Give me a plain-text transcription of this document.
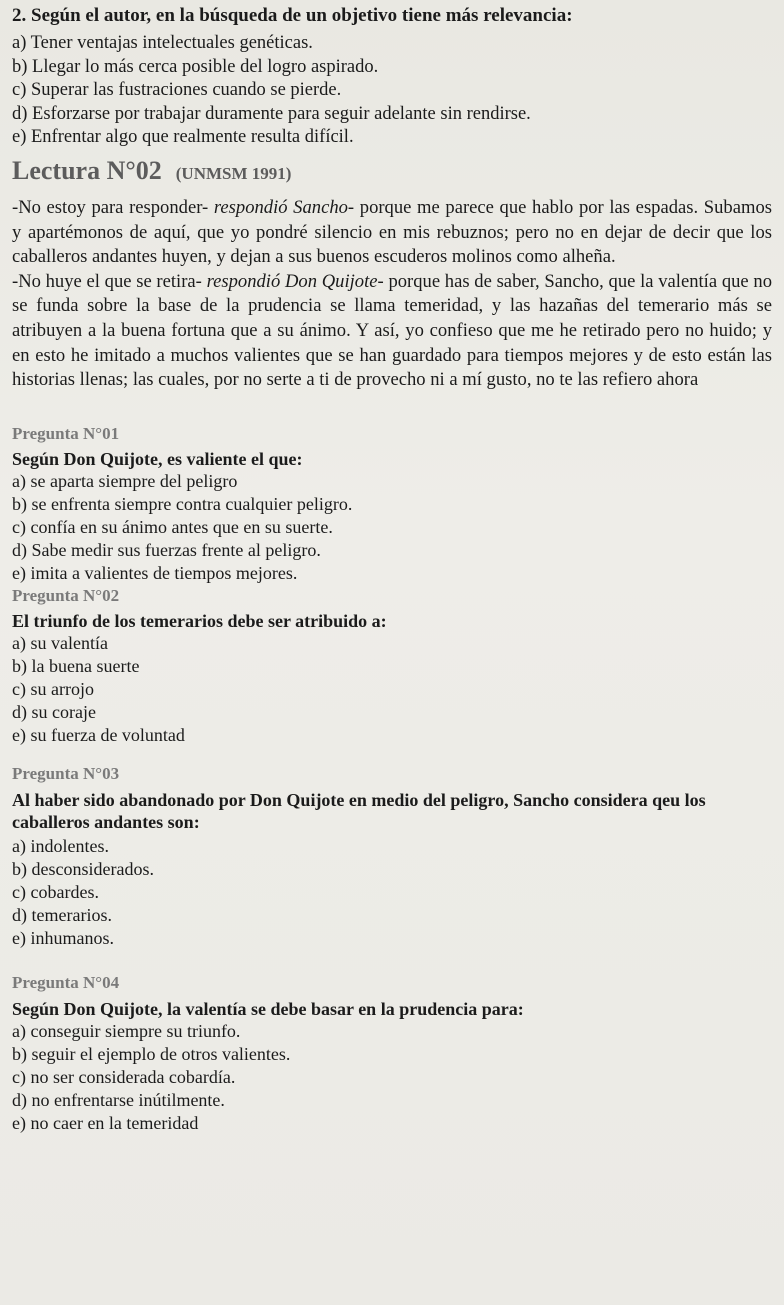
2. Según el autor, en la búsqueda de un objetivo tiene más relevancia:

a) Tener ventajas intelectuales genéticas.

b) Llegar lo más cerca posible del logro aspirado.

c) Superar las fustraciones cuando se pierde.

d) Esforzarse por trabajar duramente para seguir adelante sin rendirse.

e) Enfrentar algo que realmente resulta difícil.

Lectura N°02 (UNMSM 1991)

-No estoy para responder- respondió Sancho- porque me parece que hablo por las espadas. Subamos y apartémonos de aquí, que yo pondré silencio en mis rebuznos; pero no en dejar de decir que los caballeros andantes huyen, y dejan a sus buenos escuderos molinos como alheña.

-No huye el que se retira- respondió Don Quijote- porque has de saber, Sancho, que la valentía que no se funda sobre la base de la prudencia se llama temeridad, y las hazañas del temerario más se atribuyen a la buena fortuna que a su ánimo. Y así, yo confieso que me he retirado pero no huido; y en esto he imitado a muchos valientes que se han guardado para tiempos mejores y de esto están las historias llenas; las cuales, por no serte a ti de provecho ni a mí gusto, no te las refiero ahora

Pregunta N°01

Según Don Quijote, es valiente el que:

a) se aparta siempre del peligro

b) se enfrenta siempre contra cualquier peligro.

c) confía en su ánimo antes que en su suerte.

d) Sabe medir sus fuerzas frente al peligro.

e) imita a valientes de tiempos mejores.

Pregunta N°02

El triunfo de los temerarios debe ser atribuido a:

a) su valentía

b) la buena suerte

c) su arrojo

d) su coraje

e) su fuerza de voluntad

Pregunta N°03

Al haber sido abandonado por Don Quijote en medio del peligro, Sancho considera qeu los caballeros andantes son:

a) indolentes.

b) desconsiderados.

c) cobardes.

d) temerarios.

e) inhumanos.

Pregunta N°04

Según Don Quijote, la valentía se debe basar en la prudencia para:

a) conseguir siempre su triunfo.

b) seguir el ejemplo de otros valientes.

c) no ser considerada cobardía.

d) no enfrentarse inútilmente.

e) no caer en la temeridad
